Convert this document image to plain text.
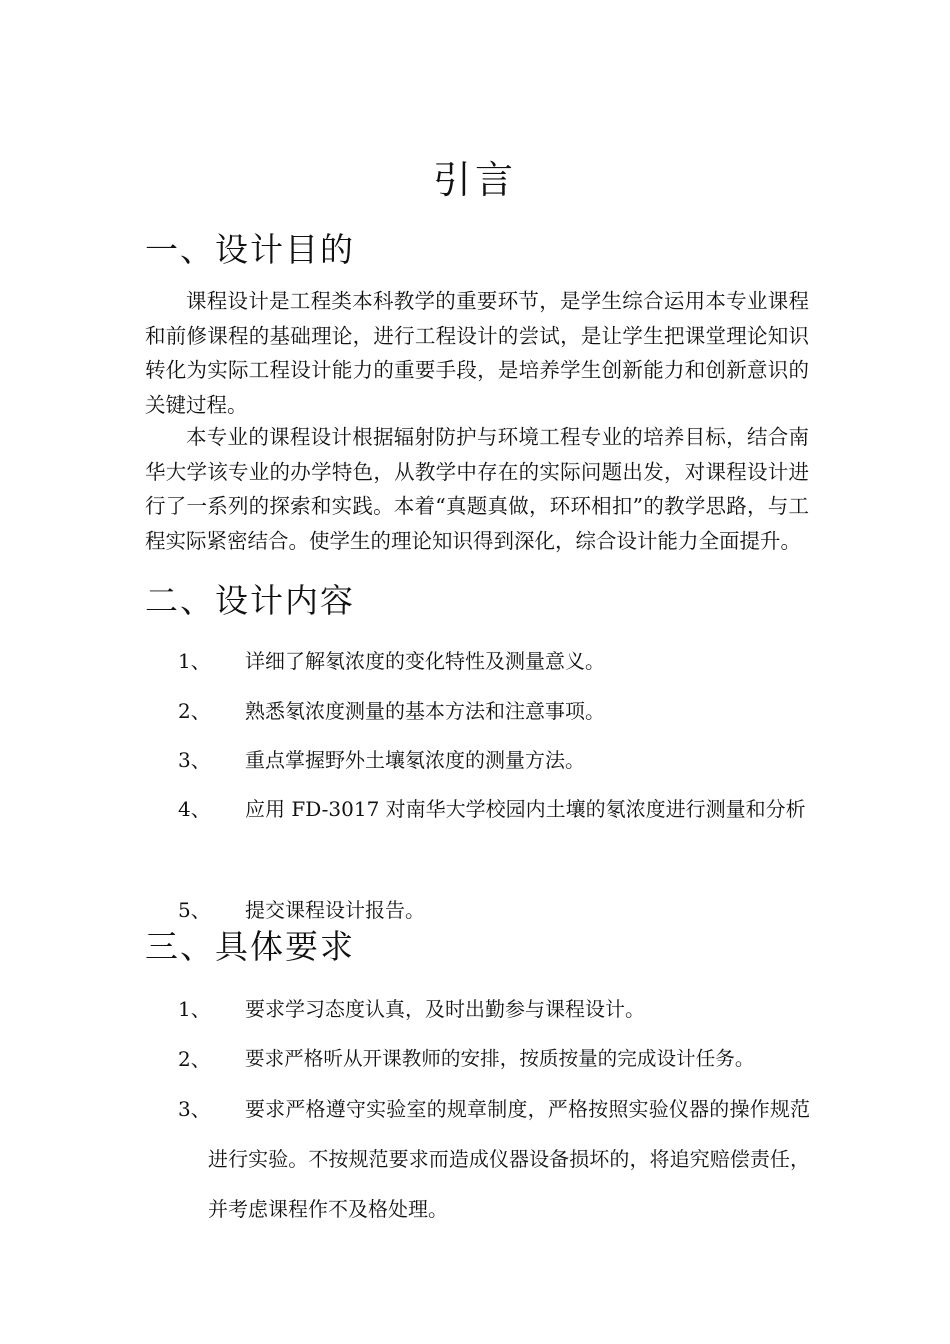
引言
一、设计目的
课程设计是工程类本科教学的重要环节，是学生综合运用本专业课程和前修课程的基础理论，进行工程设计的尝试，是让学生把课堂理论知识转化为实际工程设计能力的重要手段，是培养学生创新能力和创新意识的关键过程。
本专业的课程设计根据辐射防护与环境工程专业的培养目标，结合南华大学该专业的办学特色，从教学中存在的实际问题出发，对课程设计进行了一系列的探索和实践。本着“真题真做，环环相扣”的教学思路，与工程实际紧密结合。使学生的理论知识得到深化，综合设计能力全面提升。
二、设计内容
1、 详细了解氡浓度的变化特性及测量意义。
2、 熟悉氡浓度测量的基本方法和注意事项。
3、 重点掌握野外土壤氡浓度的测量方法。
4、	应用 FD-3017 对南华大学校园内土壤的氡浓度进行测量和分析
5、 提交课程设计报告。
三、具体要求
1、 要求学习态度认真，及时出勤参与课程设计。
2、 要求严格听从开课教师的安排，按质按量的完成设计任务。
3、	要求严格遵守实验室的规章制度，严格按照实验仪器的操作规范进行实验。不按规范要求而造成仪器设备损坏的，将追究赔偿责任，并考虑课程作不及格处理。
